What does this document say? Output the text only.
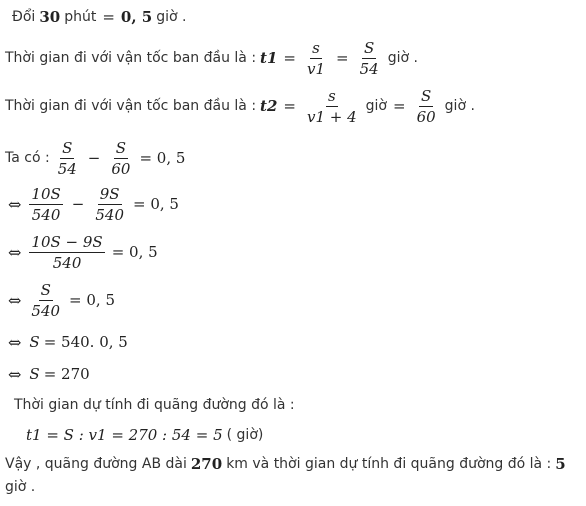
Đổi 30 phút = 0, 5 giờ .
Thời gian đi với vận tốc ban đầu là : $t1 = \frac{s}{v1} = \frac{S}{54}$ giờ .
Thời gian đi với vận tốc ban đầu là : $t2 = \frac{s}{v1 + 4}$ giờ = $\frac{S}{60}$ giờ .
Ta có : $\frac{S}{54} - \frac{S}{60} = 0$, 5
⇔ $\frac{10S}{540} - \frac{9S}{540} = 0$, 5
⇔ $\frac{10S - 9S}{540} = 0$, 5
⇔ $\frac{S}{540} = 0$, 5
⇔ S = 540. 0, 5
⇔ S = 270
Thời gian dự tính đi quãng đường đó là :
t1 = S : v1 = 270 : 54 = 5 ( giờ)
Vậy , quãng đường AB dài 270 km và thời gian dự tính đi quãng đường đó là : 5
giờ .
